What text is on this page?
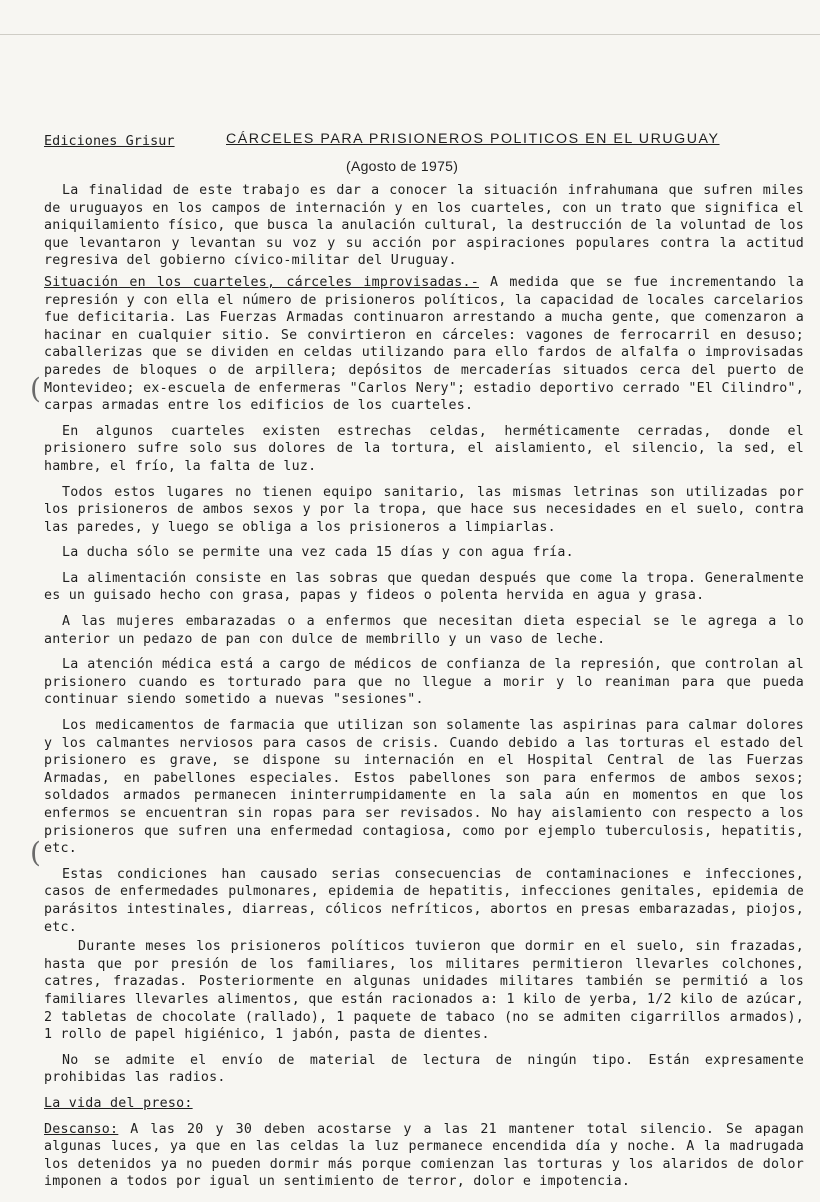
Ediciones Grisur	CÁRCELES PARA PRISIONEROS POLITICOS EN EL URUGUAY
(Agosto de 1975)

La finalidad de este trabajo es dar a conocer la situación infrahumana que sufren miles de uruguayos en los campos de internación y en los cuarteles, con un trato que significa el aniquilamiento físico, que busca la anulación cultural, la destrucción de la voluntad de los que levantaron y levantan su voz y su acción por aspiraciones populares contra la actitud regresiva del gobierno cívico-militar del Uruguay.

Situación en los cuarteles, cárceles improvisadas.- A medida que se fue incrementando la represión y con ella el número de prisioneros políticos, la capacidad de locales carcelarios fue deficitaria. Las Fuerzas Armadas continuaron arrestando a mucha gente, que comenzaron a hacinar en cualquier sitio. Se convirtieron en cárceles: vagones de ferrocarril en desuso; caballerizas que se dividen en celdas utilizando para ello fardos de alfalfa o improvisadas paredes de bloques o de arpillera; depósitos de mercaderías situados cerca del puerto de Montevideo; ex-escuela de enfermeras "Carlos Nery"; estadio deportivo cerrado "El Cilindro", carpas armadas entre los edificios de los cuarteles.

En algunos cuarteles existen estrechas celdas, herméticamente cerradas, donde el prisionero sufre solo sus dolores de la tortura, el aislamiento, el silencio, la sed, el hambre, el frío, la falta de luz.

Todos estos lugares no tienen equipo sanitario, las mismas letrinas son utilizadas por los prisioneros de ambos sexos y por la tropa, que hace sus necesidades en el suelo, contra las paredes, y luego se obliga a los prisioneros a limpiarlas.

La ducha sólo se permite una vez cada 15 días y con agua fría.

La alimentación consiste en las sobras que quedan después que come la tropa. Generalmente es un guisado hecho con grasa, papas y fideos o polenta hervida en agua y grasa.

A las mujeres embarazadas o a enfermos que necesitan dieta especial se le agrega a lo anterior un pedazo de pan con dulce de membrillo y un vaso de leche.

La atención médica está a cargo de médicos de confianza de la represión, que controlan al prisionero cuando es torturado para que no llegue a morir y lo reaniman para que pueda continuar siendo sometido a nuevas "sesiones".

Los medicamentos de farmacia que utilizan son solamente las aspirinas para calmar dolores y los calmantes nerviosos para casos de crisis. Cuando debido a las torturas el estado del prisionero es grave, se dispone su internación en el Hospital Central de las Fuerzas Armadas, en pabellones especiales. Estos pabellones son para enfermos de ambos sexos; soldados armados permanecen ininterrumpidamente en la sala aún en momentos en que los enfermos se encuentran sin ropas para ser revisados. No hay aislamiento con respecto a los prisioneros que sufren una enfermedad contagiosa, como por ejemplo tuberculosis, hepatitis, etc.

Estas condiciones han causado serias consecuencias de contaminaciones e infecciones, casos de enfermedades pulmonares, epidemia de hepatitis, infecciones genitales, epidemia de parásitos intestinales, diarreas, cólicos nefríticos, abortos en presas embarazadas, piojos, etc.

Durante meses los prisioneros políticos tuvieron que dormir en el suelo, sin frazadas, hasta que por presión de los familiares, los militares permitieron llevarles colchones, catres, frazadas. Posteriormente en algunas unidades militares también se permitió a los familiares llevarles alimentos, que están racionados a: 1 kilo de yerba, 1/2 kilo de azúcar, 2 tabletas de chocolate (rallado), 1 paquete de tabaco (no se admiten cigarrillos armados), 1 rollo de papel higiénico, 1 jabón, pasta de dientes.

No se admite el envío de material de lectura de ningún tipo. Están expresamente prohibidas las radios.

La vida del preso:

Descanso: A las 20 y 30 deben acostarse y a las 21 mantener total silencio. Se apagan algunas luces, ya que en las celdas la luz permanece encendida día y noche. A la madrugada los detenidos ya no pueden dormir más porque comienzan las torturas y los alaridos de dolor imponen a todos por igual un sentimiento de terror, dolor e impotencia.

(
(
